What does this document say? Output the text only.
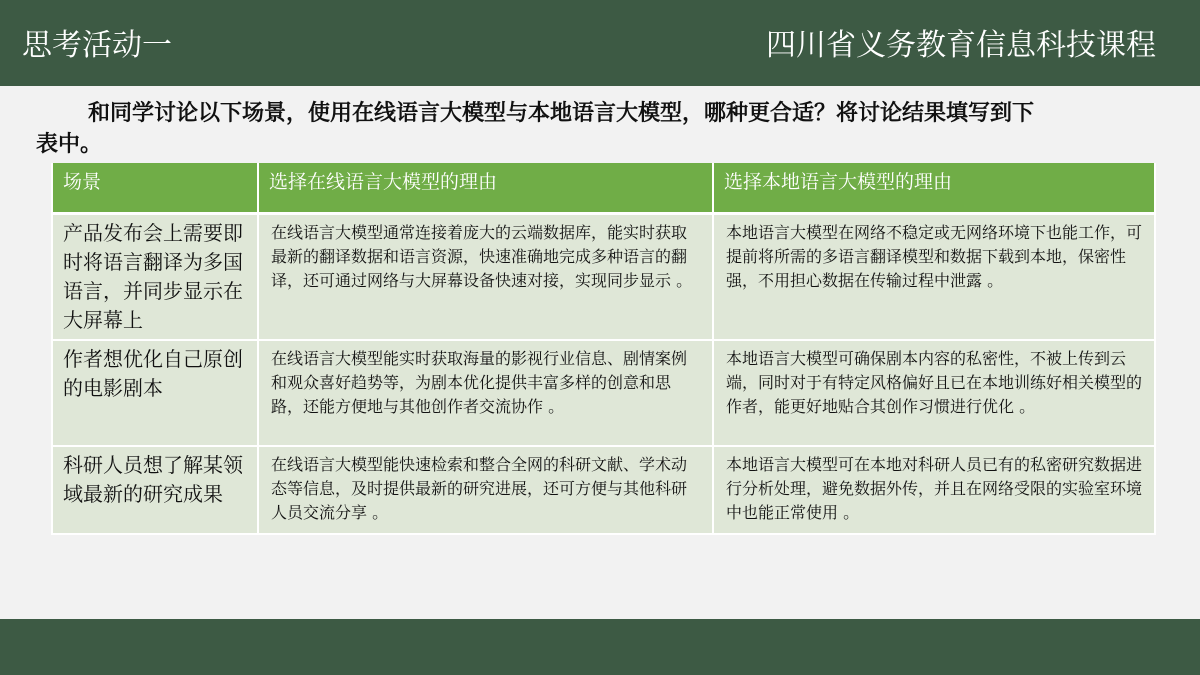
思考活动一	四川省义务教育信息科技课程
和同学讨论以下场景，使用在线语言大模型与本地语言大模型，哪种更合适？将讨论结果填写到下表中。
场景	选择在线语言大模型的理由	选择本地语言大模型的理由
产品发布会上需要即时将语言翻译为多国语言，并同步显示在大屏幕上	在线语言大模型通常连接着庞大的云端数据库，能实时获取最新的翻译数据和语言资源，快速准确地完成多种语言的翻译，还可通过网络与大屏幕设备快速对接，实现同步显示 。	本地语言大模型在网络不稳定或无网络环境下也能工作，可提前将所需的多语言翻译模型和数据下载到本地，保密性强，不用担心数据在传输过程中泄露 。
作者想优化自己原创的电影剧本	在线语言大模型能实时获取海量的影视行业信息、剧情案例和观众喜好趋势等，为剧本优化提供丰富多样的创意和思路，还能方便地与其他创作者交流协作 。	本地语言大模型可确保剧本内容的私密性，不被上传到云端，同时对于有特定风格偏好且已在本地训练好相关模型的作者，能更好地贴合其创作习惯进行优化 。
科研人员想了解某领域最新的研究成果	在线语言大模型能快速检索和整合全网的科研文献、学术动态等信息，及时提供最新的研究进展，还可方便与其他科研人员交流分享 。	本地语言大模型可在本地对科研人员已有的私密研究数据进行分析处理，避免数据外传，并且在网络受限的实验室环境中也能正常使用 。
